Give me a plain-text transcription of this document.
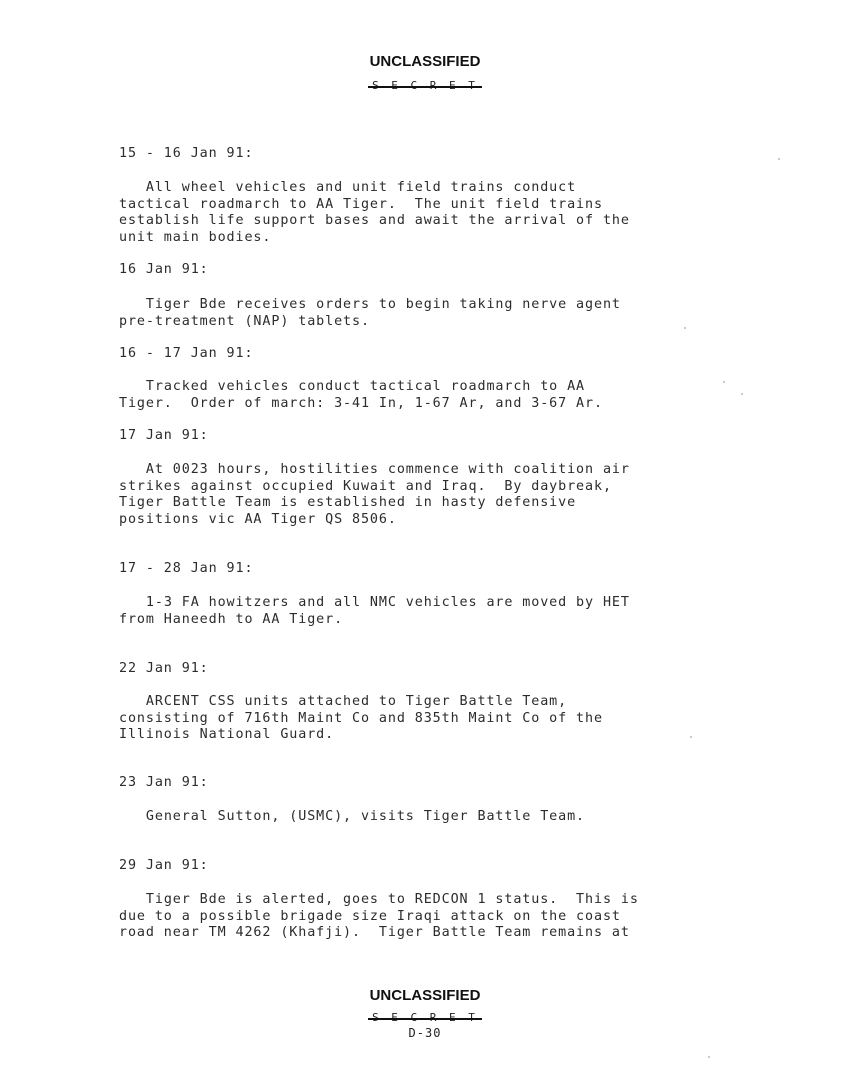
UNCLASSIFIED
S E C R E T
15 - 16 Jan 91:
All wheel vehicles and unit field trains conduct
tactical roadmarch to AA Tiger.  The unit field trains
establish life support bases and await the arrival of the
unit main bodies.
16 Jan 91:
Tiger Bde receives orders to begin taking nerve agent
pre-treatment (NAP) tablets.
16 - 17 Jan 91:
Tracked vehicles conduct tactical roadmarch to AA
Tiger.  Order of march: 3-41 In, 1-67 Ar, and 3-67 Ar.
17 Jan 91:
At 0023 hours, hostilities commence with coalition air
strikes against occupied Kuwait and Iraq.  By daybreak,
Tiger Battle Team is established in hasty defensive
positions vic AA Tiger QS 8506.
17 - 28 Jan 91:
1-3 FA howitzers and all NMC vehicles are moved by HET
from Haneedh to AA Tiger.
22 Jan 91:
ARCENT CSS units attached to Tiger Battle Team,
consisting of 716th Maint Co and 835th Maint Co of the
Illinois National Guard.
23 Jan 91:
General Sutton, (USMC), visits Tiger Battle Team.
29 Jan 91:
Tiger Bde is alerted, goes to REDCON 1 status.  This is
due to a possible brigade size Iraqi attack on the coast
road near TM 4262 (Khafji).  Tiger Battle Team remains at
UNCLASSIFIED
S E C R E T
D-30
